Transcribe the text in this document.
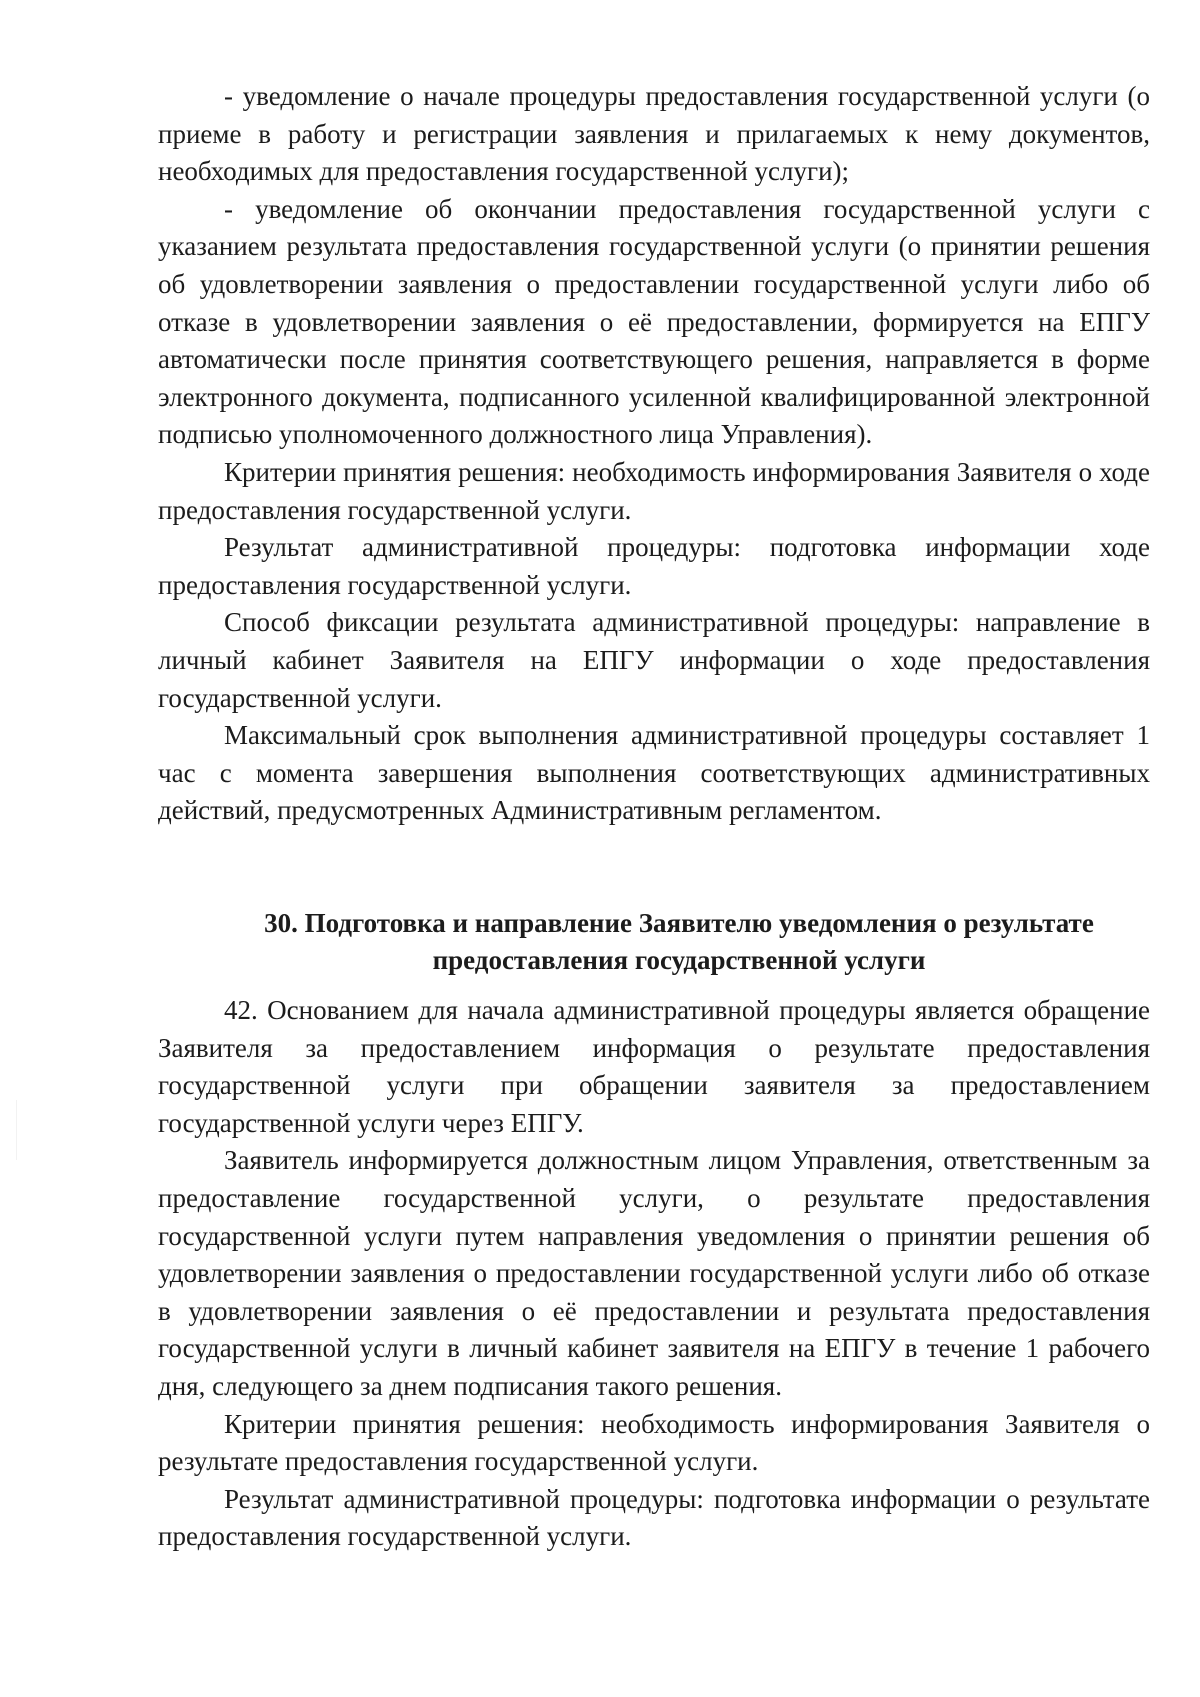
- уведомление о начале процедуры предоставления государственной услуги (о приеме в работу и регистрации заявления и прилагаемых к нему документов, необходимых для предоставления государственной услуги);

- уведомление об окончании предоставления государственной услуги с указанием результата предоставления государственной услуги (о принятии решения об удовлетворении заявления о предоставлении государственной услуги либо об отказе в удовлетворении заявления о её предоставлении, формируется на ЕПГУ автоматически после принятия соответствующего решения, направляется в форме электронного документа, подписанного усиленной квалифицированной электронной подписью уполномоченного должностного лица Управления).

Критерии принятия решения: необходимость информирования Заявителя о ходе предоставления государственной услуги.

Результат административной процедуры: подготовка информации ходе предоставления государственной услуги.

Способ фиксации результата административной процедуры: направление в личный кабинет Заявителя на ЕПГУ информации о ходе предоставления государственной услуги.

Максимальный срок выполнения административной процедуры составляет 1 час с момента завершения выполнения соответствующих административных действий, предусмотренных Административным регламентом.

30. Подготовка и направление Заявителю уведомления о результате
предоставления государственной услуги

42. Основанием для начала административной процедуры является обращение Заявителя за предоставлением информация о результате предоставления государственной услуги при обращении заявителя за предоставлением государственной услуги через ЕПГУ.

Заявитель информируется должностным лицом Управления, ответственным за предоставление государственной услуги, о результате предоставления государственной услуги путем направления уведомления о принятии решения об удовлетворении заявления о предоставлении государственной услуги либо об отказе в удовлетворении заявления о её предоставлении и результата предоставления государственной услуги в личный кабинет заявителя на ЕПГУ в течение 1 рабочего дня, следующего за днем подписания такого решения.

Критерии принятия решения: необходимость информирования Заявителя о результате предоставления государственной услуги.

Результат административной процедуры: подготовка информации о результате предоставления государственной услуги.
